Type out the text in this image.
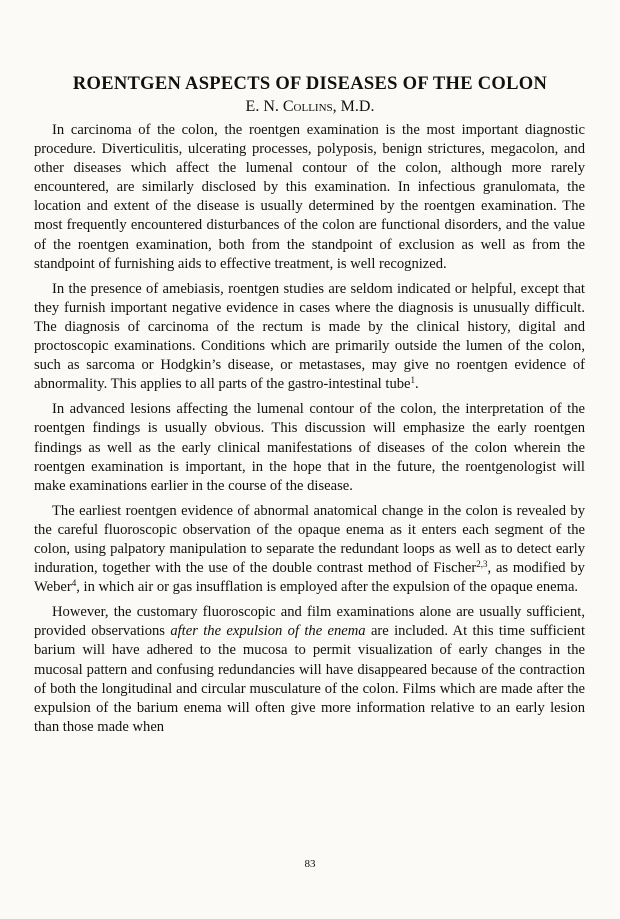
ROENTGEN ASPECTS OF DISEASES OF THE COLON
E. N. Collins, M.D.

In carcinoma of the colon, the roentgen examination is the most important diagnostic procedure. Diverticulitis, ulcerating processes, polyposis, benign strictures, megacolon, and other diseases which affect the lumenal contour of the colon, although more rarely encountered, are similarly disclosed by this examination. In infectious granulomata, the location and extent of the disease is usually determined by the roentgen examination. The most frequently encountered disturbances of the colon are functional disorders, and the value of the roentgen examination, both from the standpoint of exclusion as well as from the standpoint of furnishing aids to effective treatment, is well recognized.

In the presence of amebiasis, roentgen studies are seldom indicated or helpful, except that they furnish important negative evidence in cases where the diagnosis is unusually difficult. The diagnosis of carcinoma of the rectum is made by the clinical history, digital and proctoscopic examinations. Conditions which are primarily outside the lumen of the colon, such as sarcoma or Hodgkin’s disease, or metastases, may give no roentgen evidence of abnormality. This applies to all parts of the gastro-intestinal tube$^1$.

In advanced lesions affecting the lumenal contour of the colon, the interpretation of the roentgen findings is usually obvious. This discussion will emphasize the early roentgen findings as well as the early clinical manifestations of diseases of the colon wherein the roentgen examination is important, in the hope that in the future, the roentgenologist will make examinations earlier in the course of the disease.

The earliest roentgen evidence of abnormal anatomical change in the colon is revealed by the careful fluoroscopic observation of the opaque enema as it enters each segment of the colon, using palpatory manipulation to separate the redundant loops as well as to detect early induration, together with the use of the double contrast method of Fischer$^{2,3}$, as modified by Weber$^4$, in which air or gas insufflation is employed after the expulsion of the opaque enema.

However, the customary fluoroscopic and film examinations alone are usually sufficient, provided observations after the expulsion of the enema are included. At this time sufficient barium will have adhered to the mucosa to permit visualization of early changes in the mucosal pattern and confusing redundancies will have disappeared because of the contraction of both the longitudinal and circular musculature of the colon. Films which are made after the expulsion of the barium enema will often give more information relative to an early lesion than those made when

83
